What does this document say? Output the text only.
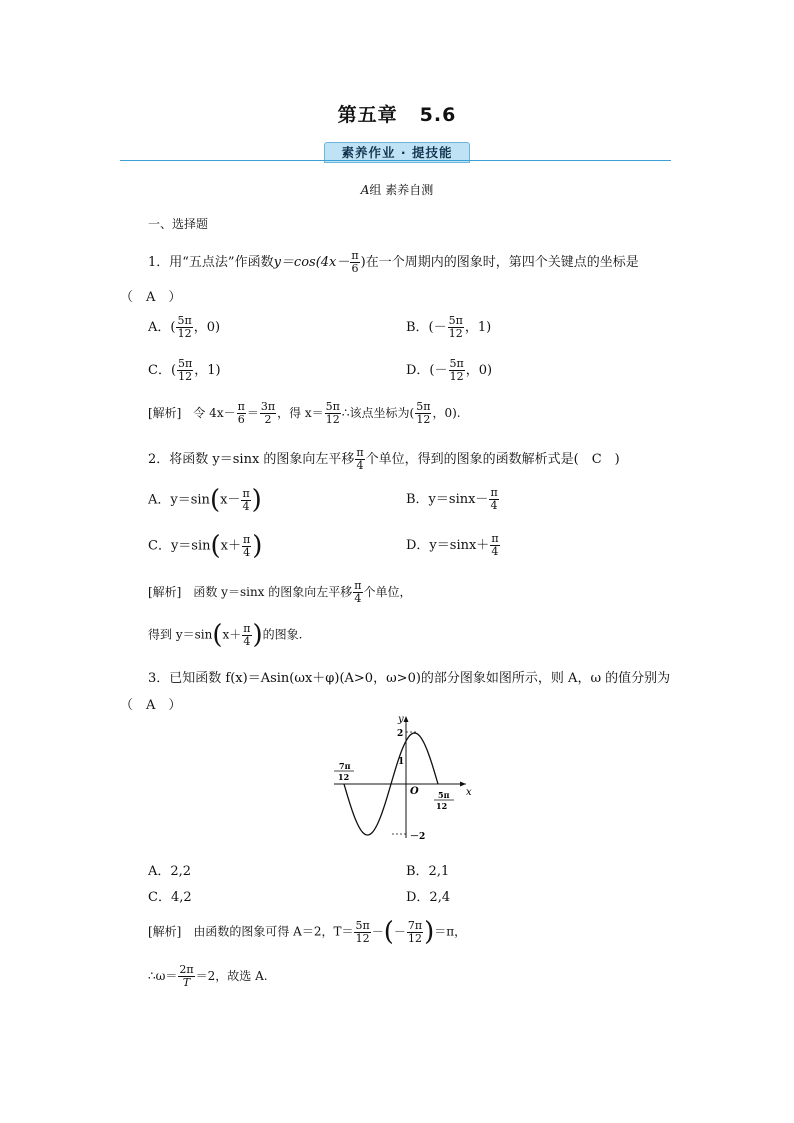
第五章 5.6
素养作业 · 提技能
A组 素养自测
一、选择题
1．用“五点法”作函数$y=\cos(4x- \frac{\pi}{6}$ )在一个周期内的图象时，第四个关键点的坐标是
（　A　）
A．( $\frac{5\pi}{12}$ ，0)	B．(－ $\frac{5\pi}{12}$ ，1)
C．( $\frac{5\pi}{12}$ ，1)	D．(－ $\frac{5\pi}{12}$ ，0)
[解析]　令 $4x- \frac{\pi}{6} = \frac{3\pi}{2}$ ，得 $x= \frac{5\pi}{12}$ ∴该点坐标为( $\frac{5\pi}{12}$ ，0).
2．将函数 y＝sinx 的图象向左平移 $\frac{\pi}{4}$ 个单位，得到的图象的函数解析式是(　C　)
A．$y=\sin(x- \frac{\pi}{4}$ )	B．$y=\sin x- \frac{\pi}{4}$
C．$y=\sin(x+ \frac{\pi}{4}$ )	D．$y=\sin x+ \frac{\pi}{4}$
[解析]　函数 y＝sinx 的图象向左平移 $\frac{\pi}{4}$ 个单位，
得到 $y=\sin(x+ \frac{\pi}{4}$ )的图象.
3．已知函数 f(x)＝Asin(ωx＋φ)(A>0，ω>0)的部分图象如图所示，则 A，ω 的值分别为
（　A　）
y
x
O
2
1
－2
7π
12
5π
12
A．2,2	B．2,1
C．4,2	D．2,4
[解析]　由函数的图象可得 A＝2，$T= \frac{5\pi}{12}$ －(－ $\frac{7\pi}{12} )=\pi$，
∴ω＝ $\frac{2\pi}{T} =2$，故选 A.
